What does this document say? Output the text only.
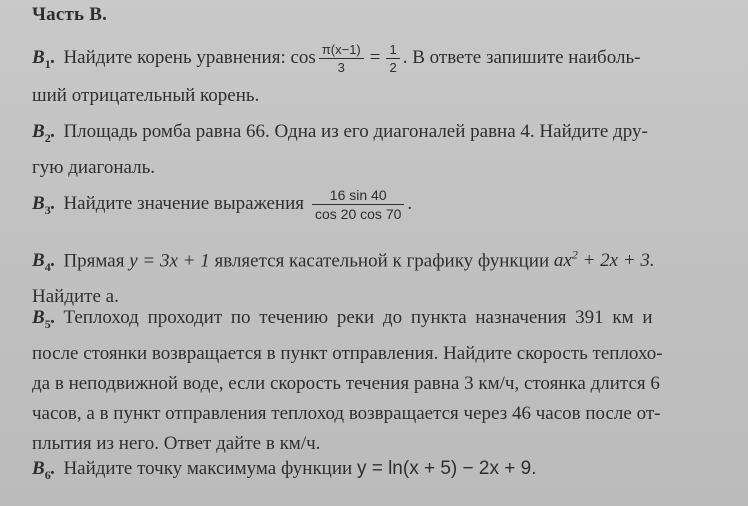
Часть B.
$B_1$. Найдите корень уравнения: $\cos \frac{\pi(x-1)}{3} = \frac{1}{2}$ . В ответе запишите наиболь-
ший отрицательный корень.
$B_2$. Площадь ромба равна 66. Одна из его диагоналей равна 4. Найдите дру-
гую диагональ.
$B_3$. Найдите значение выражения $\frac{16 \sin 40}{\cos 20 \cos 70}$ .
$B_4$. Прямая y = 3x + 1 является касательной к графику функции $ax^2 + 2x + 3$.
Найдите a.
$B_5$. Теплоход проходит по течению реки до пункта назначения 391 км и
после стоянки возвращается в пункт отправления. Найдите скорость теплохо-
да в неподвижной воде, если скорость течения равна 3 км/ч, стоянка длится 6
часов, а в пункт отправления теплоход возвращается через 46 часов после от-
плытия из него. Ответ дайте в км/ч.
$B_6$. Найдите точку максимума функции y = ln(x + 5) − 2x + 9.
